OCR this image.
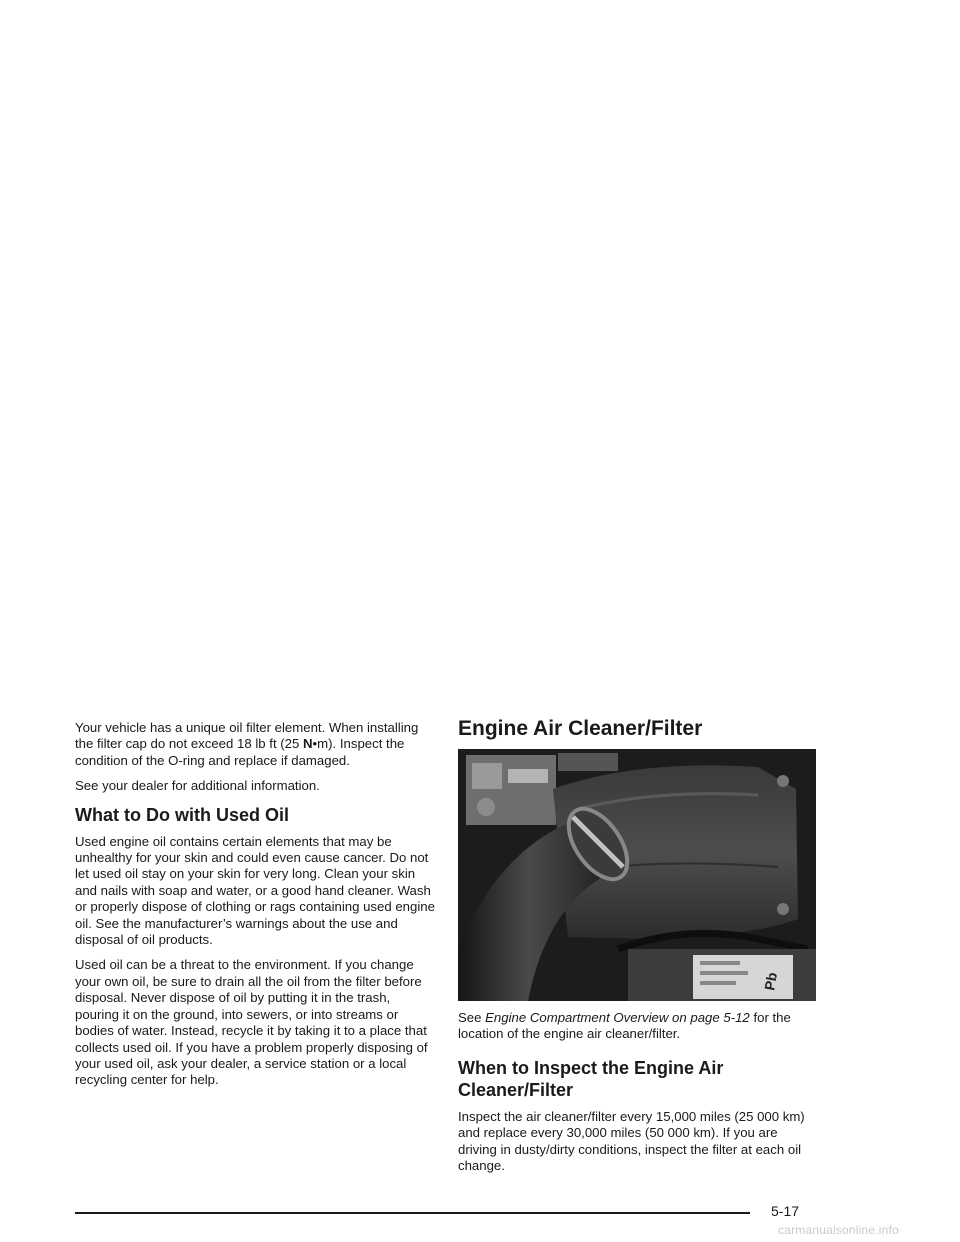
Your vehicle has a unique oil filter element. When installing the filter cap do not exceed 18 lb ft (25 N•m). Inspect the condition of the O-ring and replace if damaged.

See your dealer for additional information.

What to Do with Used Oil

Used engine oil contains certain elements that may be unhealthy for your skin and could even cause cancer. Do not let used oil stay on your skin for very long. Clean your skin and nails with soap and water, or a good hand cleaner. Wash or properly dispose of clothing or rags containing used engine oil. See the manufacturer’s warnings about the use and disposal of oil products.

Used oil can be a threat to the environment. If you change your own oil, be sure to drain all the oil from the filter before disposal. Never dispose of oil by putting it in the trash, pouring it on the ground, into sewers, or into streams or bodies of water. Instead, recycle it by taking it to a place that collects used oil. If you have a problem properly disposing of your used oil, ask your dealer, a service station or a local recycling center for help.

Engine Air Cleaner/Filter
Pb

See Engine Compartment Overview on page 5-12 for the location of the engine air cleaner/filter.

When to Inspect the Engine Air Cleaner/Filter

Inspect the air cleaner/filter every 15,000 miles (25 000 km) and replace every 30,000 miles (50 000 km). If you are driving in dusty/dirty conditions, inspect the filter at each oil change.

5-17
carmanualsonline.info
